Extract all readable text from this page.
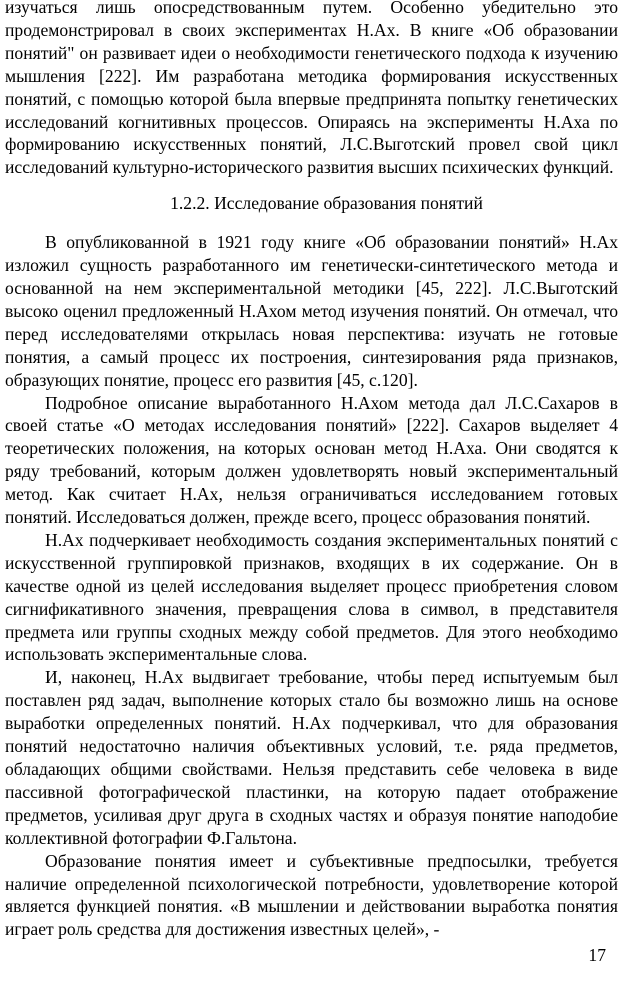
изучаться лишь опосредствованным путем. Особенно убедительно это продемонстрировал в своих экспериментах Н.Ах. В книге «Об образовании понятий" он развивает идеи о необходимости генетического подхода к изучению мышления [222]. Им разработана методика формирования искусственных понятий, с помощью которой была впервые предпринята попытку генетических исследований когнитивных процессов. Опираясь на эксперименты Н.Аха по формированию искусственных понятий, Л.С.Выготский провел свой цикл исследований культурно-исторического развития высших психических функций.

1.2.2. Исследование образования понятий

В опубликованной в 1921 году книге «Об образовании понятий» Н.Ах изложил сущность разработанного им генетически-синтетического метода и основанной на нем экспериментальной методики [45, 222]. Л.С.Выготский высоко оценил предложенный Н.Ахом метод изучения понятий. Он отмечал, что перед исследователями открылась новая перспектива: изучать не готовые понятия, а самый процесс их построения, синтезирования ряда признаков, образующих понятие, процесс его развития [45, с.120].

Подробное описание выработанного Н.Ахом метода дал Л.С.Сахаров в своей статье «О методах исследования понятий» [222]. Сахаров выделяет 4 теоретических положения, на которых основан метод Н.Аха. Они сводятся к ряду требований, которым должен удовлетворять новый экспериментальный метод. Как считает Н.Ах, нельзя ограничиваться исследованием готовых понятий. Исследоваться должен, прежде всего, процесс образования понятий.

Н.Ах подчеркивает необходимость создания экспериментальных понятий с искусственной группировкой признаков, входящих в их содержание. Он в качестве одной из целей исследования выделяет процесс приобретения словом сигнификативного значения, превращения слова в символ, в представителя предмета или группы сходных между собой предметов. Для этого необходимо использовать экспериментальные слова.

И, наконец, Н.Ах выдвигает требование, чтобы перед испытуемым был поставлен ряд задач, выполнение которых стало бы возможно лишь на основе выработки определенных понятий. Н.Ах подчеркивал, что для образования понятий недостаточно наличия объективных условий, т.е. ряда предметов, обладающих общими свойствами. Нельзя представить себе человека в виде пассивной фотографической пластинки, на которую падает отображение предметов, усиливая друг друга в сходных частях и образуя понятие наподобие коллективной фотографии Ф.Гальтона.

Образование понятия имеет и субъективные предпосылки, требуется наличие определенной психологической потребности, удовлетворение которой является функцией понятия. «В мышлении и действовании выработка понятия играет роль средства для достижения известных целей», -

17
